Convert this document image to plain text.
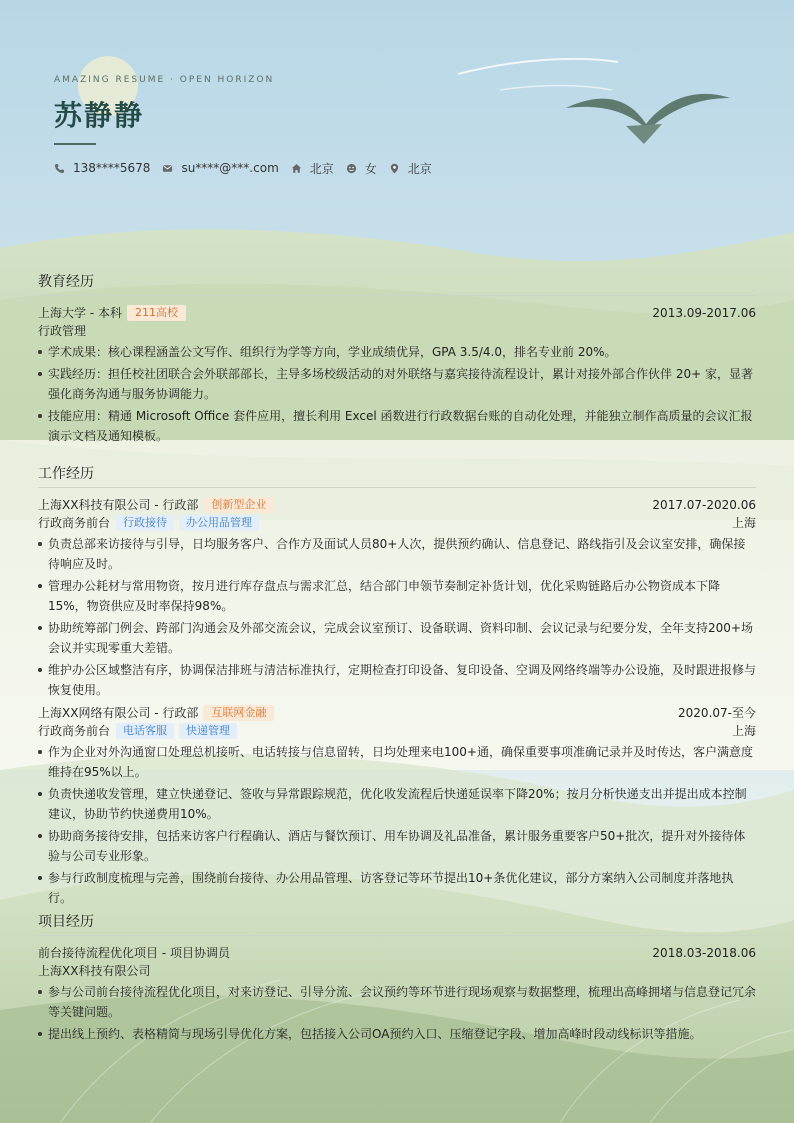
AMAZING RESUME · OPEN HORIZON
苏静静
138****5678	su****@***.com	北京	女	北京
教育经历
上海大学 - 本科	211高校	2013.09-2017.06
行政管理
学术成果：核心课程涵盖公文写作、组织行为学等方向，学业成绩优异，GPA 3.5/4.0，排名专业前 20%。
实践经历：担任校社团联合会外联部部长，主导多场校级活动的对外联络与嘉宾接待流程设计，累计对接外部合作伙伴 20+ 家，显著强化商务沟通与服务协调能力。
技能应用：精通 Microsoft Office 套件应用，擅长利用 Excel 函数进行行政数据台账的自动化处理，并能独立制作高质量的会议汇报演示文档及通知模板。
工作经历
上海XX科技有限公司 - 行政部	创新型企业	2017.07-2020.06
行政商务前台	行政接待	办公用品管理	上海
负责总部来访接待与引导，日均服务客户、合作方及面试人员80+人次，提供预约确认、信息登记、路线指引及会议室安排，确保接待响应及时。
管理办公耗材与常用物资，按月进行库存盘点与需求汇总，结合部门申领节奏制定补货计划，优化采购链路后办公物资成本下降15%，物资供应及时率保持98%。
协助统筹部门例会、跨部门沟通会及外部交流会议，完成会议室预订、设备联调、资料印制、会议记录与纪要分发，全年支持200+场会议并实现零重大差错。
维护办公区域整洁有序，协调保洁排班与清洁标准执行，定期检查打印设备、复印设备、空调及网络终端等办公设施，及时跟进报修与恢复使用。
上海XX网络有限公司 - 行政部	互联网金融	2020.07-至今
行政商务前台	电话客服	快递管理	上海
作为企业对外沟通窗口处理总机接听、电话转接与信息留转，日均处理来电100+通，确保重要事项准确记录并及时传达，客户满意度维持在95%以上。
负责快递收发管理，建立快递登记、签收与异常跟踪规范，优化收发流程后快递延误率下降20%；按月分析快递支出并提出成本控制建议，协助节约快递费用10%。
协助商务接待安排，包括来访客户行程确认、酒店与餐饮预订、用车协调及礼品准备，累计服务重要客户50+批次，提升对外接待体验与公司专业形象。
参与行政制度梳理与完善，围绕前台接待、办公用品管理、访客登记等环节提出10+条优化建议，部分方案纳入公司制度并落地执行。
项目经历
前台接待流程优化项目 - 项目协调员	2018.03-2018.06
上海XX科技有限公司
参与公司前台接待流程优化项目，对来访登记、引导分流、会议预约等环节进行现场观察与数据整理，梳理出高峰拥堵与信息登记冗余等关键问题。
提出线上预约、表格精简与现场引导优化方案，包括接入公司OA预约入口、压缩登记字段、增加高峰时段动线标识等措施。
